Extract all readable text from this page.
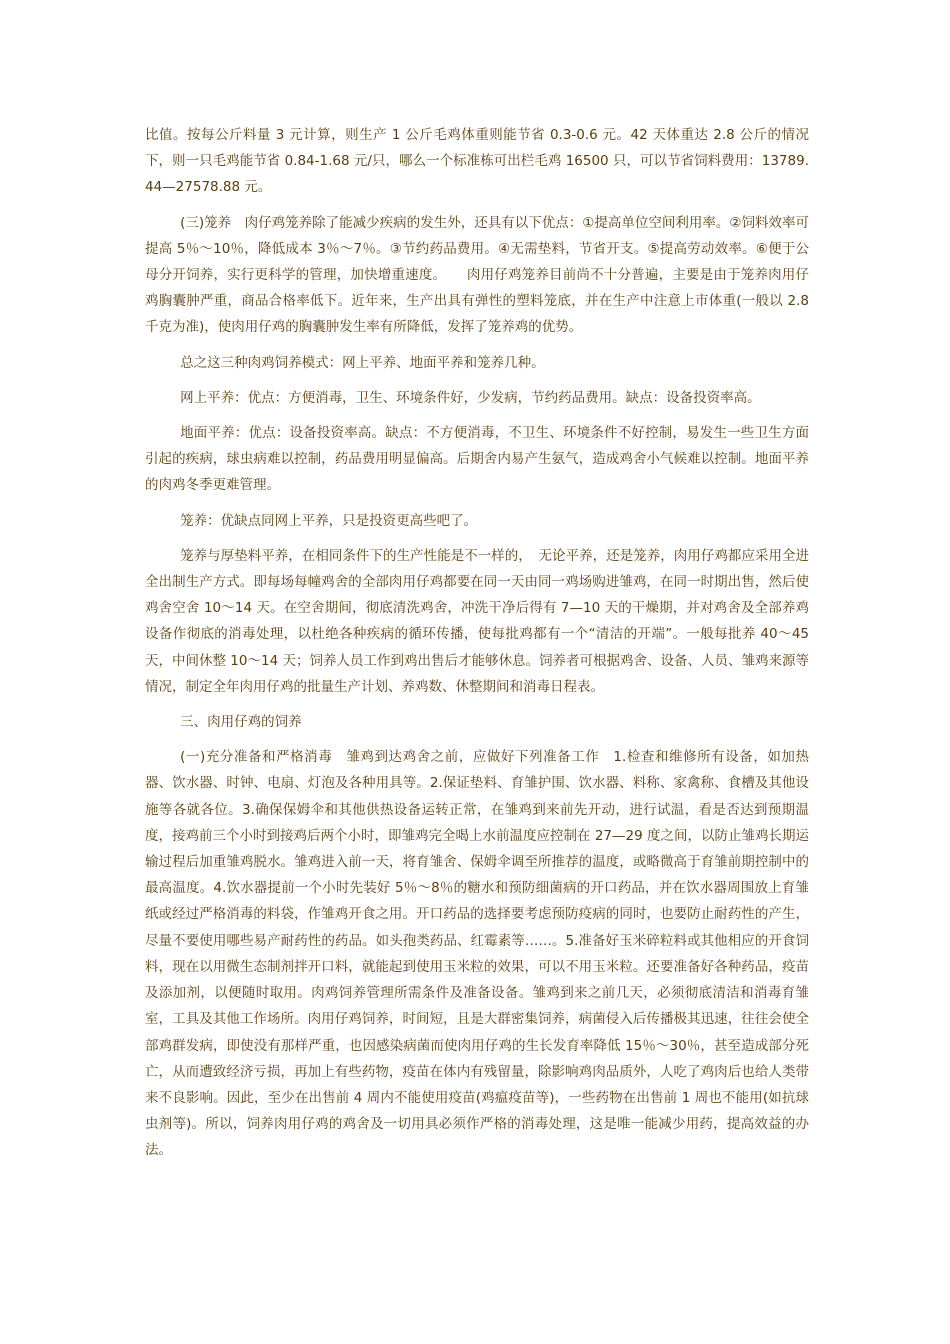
比值。按每公斤料量 3 元计算，则生产 1 公斤毛鸡体重则能节省 0.3-0.6 元。42 天体重达 2.8 公斤的情况下，则一只毛鸡能节省 0.84-1.68 元/只，哪么一个标准栋可出栏毛鸡 16500 只，可以节省饲料费用：13789.44—27578.88 元。

(三)笼养　肉仔鸡笼养除了能减少疾病的发生外，还具有以下优点：①提高单位空间利用率。②饲料效率可提高 5％～10％，降低成本 3％～7％。③节约药品费用。④无需垫料，节省开支。⑤提高劳动效率。⑥便于公母分开饲养，实行更科学的管理，加快增重速度。　　肉用仔鸡笼养目前尚不十分普遍，主要是由于笼养肉用仔鸡胸囊肿严重，商品合格率低下。近年来，生产出具有弹性的塑料笼底，并在生产中注意上市体重(一般以 2.8 千克为准)，使肉用仔鸡的胸囊肿发生率有所降低，发挥了笼养鸡的优势。

总之这三种肉鸡饲养模式：网上平养、地面平养和笼养几种。

网上平养：优点：方便消毒，卫生、环境条件好，少发病，节约药品费用。缺点：设备投资率高。

地面平养：优点：设备投资率高。缺点：不方便消毒，不卫生、环境条件不好控制，易发生一些卫生方面引起的疾病，球虫病难以控制，药品费用明显偏高。后期舍内易产生氨气，造成鸡舍小气候难以控制。地面平养的肉鸡冬季更难管理。

笼养：优缺点同网上平养，只是投资更高些吧了。

笼养与厚垫料平养，在相同条件下的生产性能是不一样的，　无论平养，还是笼养，肉用仔鸡都应采用全进全出制生产方式。即每场每幢鸡舍的全部肉用仔鸡都要在同一天由同一鸡场购进雏鸡，在同一时期出售，然后使鸡舍空舍 10～14 天。在空舍期间，彻底清洗鸡舍，冲洗干净后得有 7—10 天的干燥期，并对鸡舍及全部养鸡设备作彻底的消毒处理，以杜绝各种疾病的循环传播，使每批鸡都有一个“清洁的开端”。一般每批养 40～45 天，中间休整 10～14 天；饲养人员工作到鸡出售后才能够休息。饲养者可根据鸡舍、设备、人员、雏鸡来源等情况，制定全年肉用仔鸡的批量生产计划、养鸡数、休整期间和消毒日程表。

三、肉用仔鸡的饲养

(一)充分准备和严格消毒　雏鸡到达鸡舍之前，应做好下列准备工作　1.检查和维修所有设备，如加热器、饮水器、时钟、电扇、灯泡及各种用具等。2.保证垫料、育雏护围、饮水器、料称、家禽称、食槽及其他设施等各就各位。3.确保保姆伞和其他供热设备运转正常，在雏鸡到来前先开动，进行试温，看是否达到预期温度，接鸡前三个小时到接鸡后两个小时，即雏鸡完全喝上水前温度应控制在 27—29 度之间，以防止雏鸡长期运输过程后加重雏鸡脱水。雏鸡进入前一天，将育雏舍、保姆伞调至所推荐的温度，或略微高于育雏前期控制中的最高温度。4.饮水器提前一个小时先装好 5％～8％的糖水和预防细菌病的开口药品，并在饮水器周围放上育雏纸或经过严格消毒的料袋，作雏鸡开食之用。开口药品的选择要考虑预防疫病的同时，也要防止耐药性的产生，尽量不要使用哪些易产耐药性的药品。如头孢类药品、红霉素等……。5.准备好玉米碎粒料或其他相应的开食饲料，现在以用微生态制剂拌开口料，就能起到使用玉米粒的效果，可以不用玉米粒。还要准备好各种药品，疫苗及添加剂，以便随时取用。肉鸡饲养管理所需条件及准备设备。雏鸡到来之前几天，必须彻底清洁和消毒育雏室，工具及其他工作场所。肉用仔鸡饲养，时间短，且是大群密集饲养，病菌侵入后传播极其迅速，往往会使全部鸡群发病，即使没有那样严重，也因感染病菌而使肉用仔鸡的生长发育率降低 15％～30％，甚至造成部分死亡，从而遭致经济亏损，再加上有些药物，疫苗在体内有残留量，除影响鸡肉品质外，人吃了鸡肉后也给人类带来不良影响。因此，至少在出售前 4 周内不能使用疫苗(鸡瘟疫苗等)，一些药物在出售前 1 周也不能用(如抗球虫剂等)。所以，饲养肉用仔鸡的鸡舍及一切用具必须作严格的消毒处理，这是唯一能减少用药，提高效益的办法。
